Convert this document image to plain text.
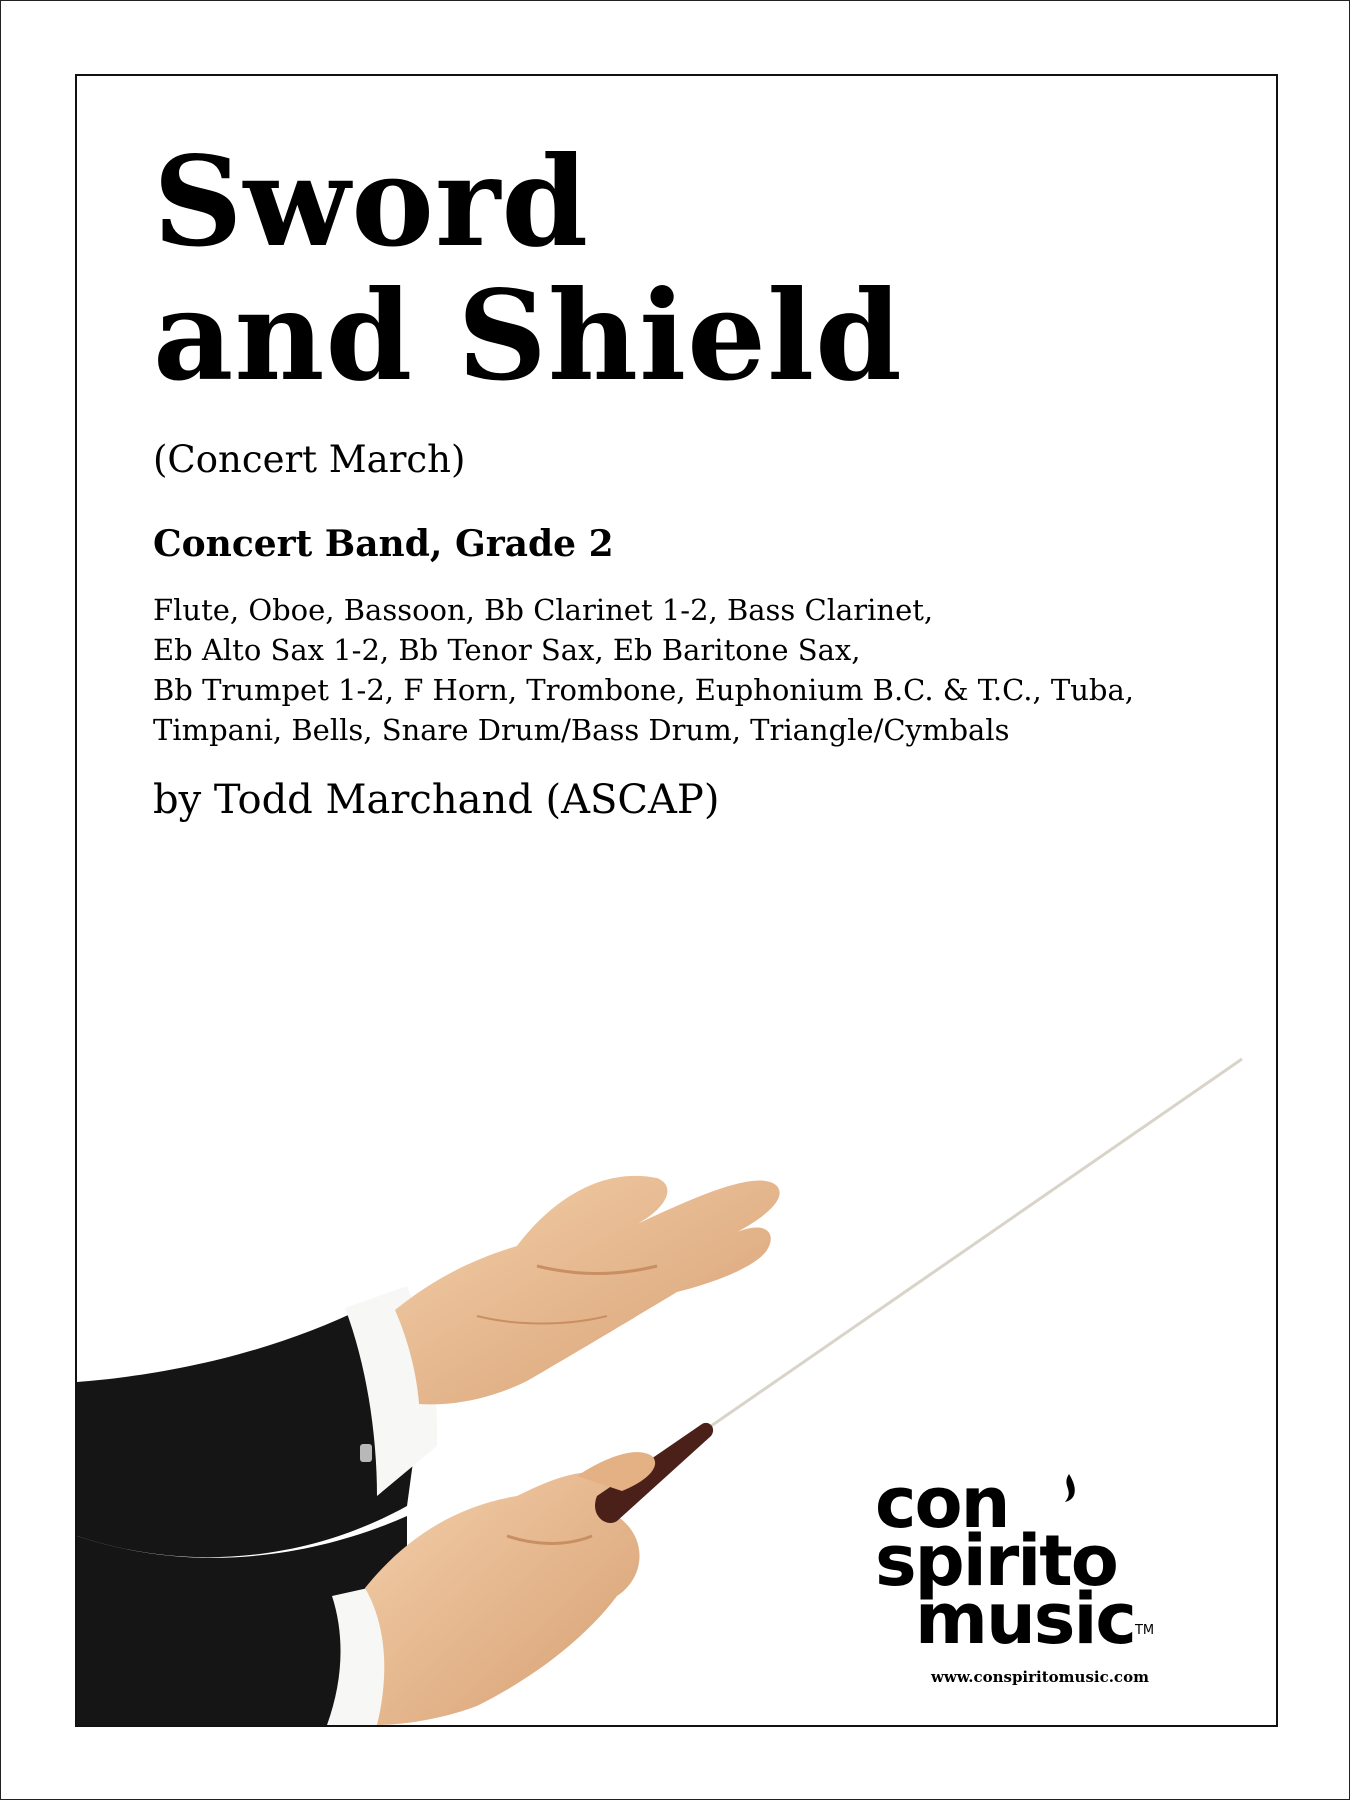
Sword
and Shield
(Concert March)
Concert Band, Grade 2
Flute, Oboe, Bassoon, Bb Clarinet 1-2, Bass Clarinet,
Eb Alto Sax 1-2, Bb Tenor Sax, Eb Baritone Sax,
Bb Trumpet 1-2, F Horn, Trombone, Euphonium B.C. & T.C., Tuba,
Timpani, Bells, Snare Drum/Bass Drum, Triangle/Cymbals
by Todd Marchand (ASCAP)
con
spirito
music™
www.conspiritomusic.com
